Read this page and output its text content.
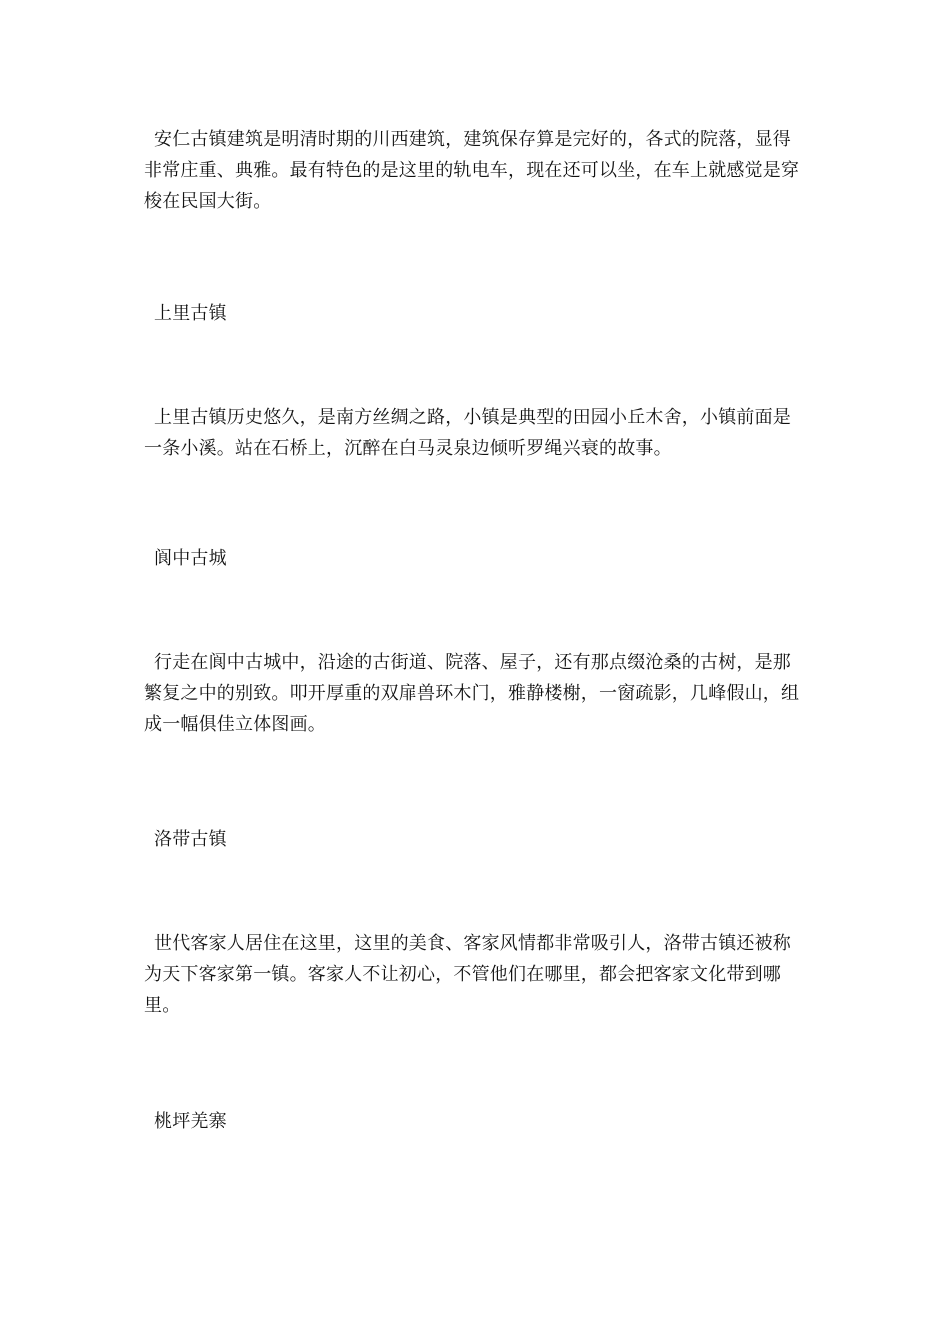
安仁古镇建筑是明清时期的川西建筑，建筑保存算是完好的，各式的院落，显得非常庄重、典雅。最有特色的是这里的轨电车，现在还可以坐，在车上就感觉是穿梭在民国大街。

上里古镇

上里古镇历史悠久，是南方丝绸之路，小镇是典型的田园小丘木舍，小镇前面是一条小溪。站在石桥上，沉醉在白马灵泉边倾听罗绳兴衰的故事。

阆中古城

行走在阆中古城中，沿途的古街道、院落、屋子，还有那点缀沧桑的古树，是那繁复之中的别致。叩开厚重的双扉兽环木门，雅静楼榭，一窗疏影，几峰假山，组成一幅俱佳立体图画。

洛带古镇

世代客家人居住在这里，这里的美食、客家风情都非常吸引人，洛带古镇还被称为天下客家第一镇。客家人不让初心，不管他们在哪里，都会把客家文化带到哪里。

桃坪羌寨
